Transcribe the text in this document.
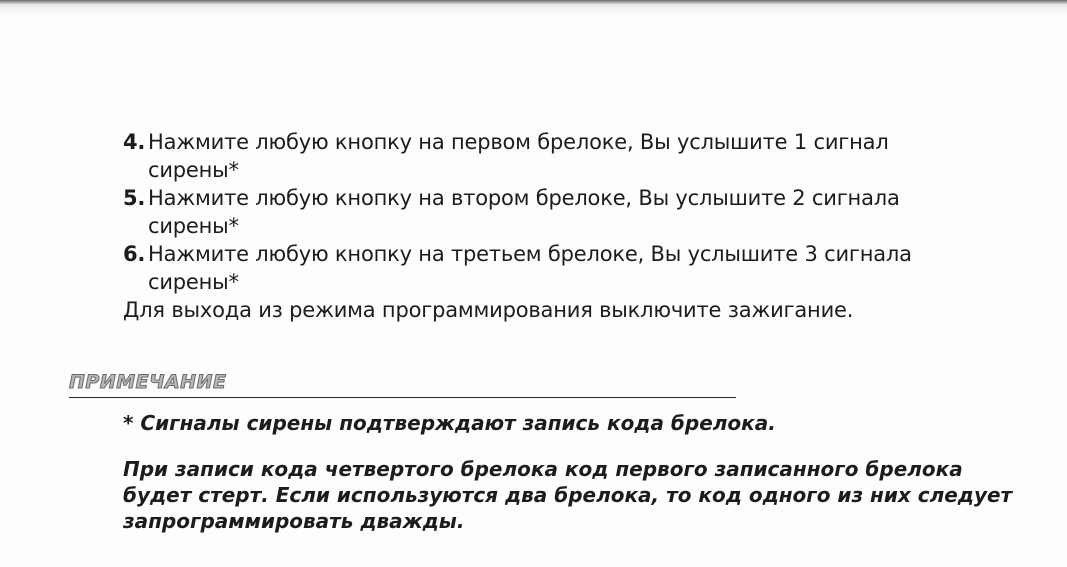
4. Нажмите любую кнопку на первом брелоке, Вы услышите 1 сигнал сирены*
5. Нажмите любую кнопку на втором брелоке, Вы услышите 2 сигнала сирены*
6. Нажмите любую кнопку на третьем брелоке, Вы услышите 3 сигнала сирены*
Для выхода из режима программирования выключите зажигание.
ПРИМЕЧАНИЕ
* Сигналы сирены подтверждают запись кода брелока.
При записи кода четвертого брелока код первого записанного брелока будет стерт. Если используются два брелока, то код одного из них следует запрограммировать дважды.
